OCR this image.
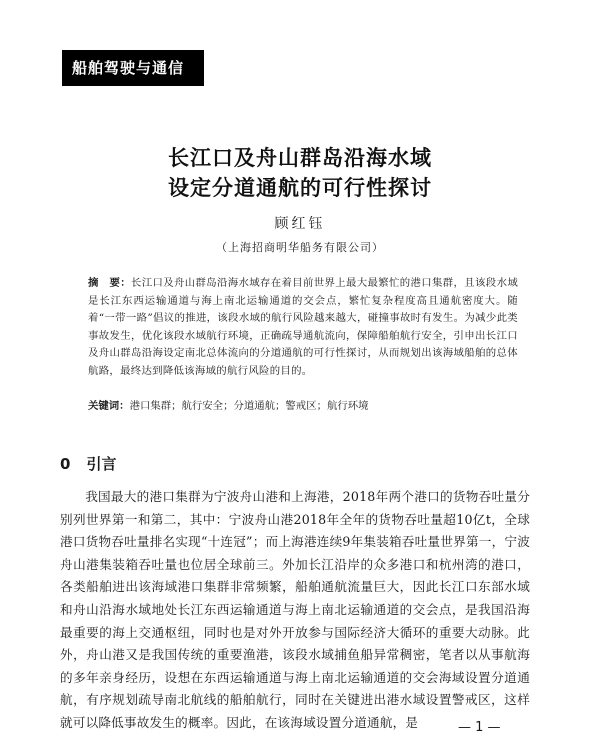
船舶驾驶与通信
长江口及舟山群岛沿海水域
设定分道通航的可行性探讨
顾红钰
（上海招商明华船务有限公司）
摘　要：长江口及舟山群岛沿海水域存在着目前世界上最大最繁忙的港口集群，且该段水域是长江东西运输通道与海上南北运输通道的交会点，繁忙复杂程度高且通航密度大。随着“一带一路”倡议的推进，该段水域的航行风险越来越大，碰撞事故时有发生。为减少此类事故发生，优化该段水域航行环境，正确疏导通航流向，保障船舶航行安全，引申出长江口及舟山群岛沿海设定南北总体流向的分道通航的可行性探讨，从而规划出该海域船舶的总体航路，最终达到降低该海域的航行风险的目的。
关键词：港口集群；航行安全；分道通航；警戒区；航行环境
0 引言

我国最大的港口集群为宁波舟山港和上海港，2018年两个港口的货物吞吐量分别列世界第一和第二，其中：宁波舟山港2018年全年的货物吞吐量超10亿t，全球港口货物吞吐量排名实现“十连冠”；而上海港连续9年集装箱吞吐量世界第一，宁波舟山港集装箱吞吐量也位居全球前三。外加长江沿岸的众多港口和杭州湾的港口，各类船舶进出该海域港口集群非常频繁，船舶通航流量巨大，因此长江口东部水域和舟山沿海水域地处长江东西运输通道与海上南北运输通道的交会点，是我国沿海最重要的海上交通枢纽，同时也是对外开放参与国际经济大循环的重要大动脉。此外，舟山港又是我国传统的重要渔港，该段水域捕鱼船异常稠密，笔者以从事航海的多年亲身经历，设想在东西运输通道与海上南北运输通道的交会海域设置分道通航，有序规划疏导南北航线的船舶航行，同时在关键进出港水域设置警戒区，这样就可以降低事故发生的概率。因此，在该海域设置分道通航，是	— 1 —
